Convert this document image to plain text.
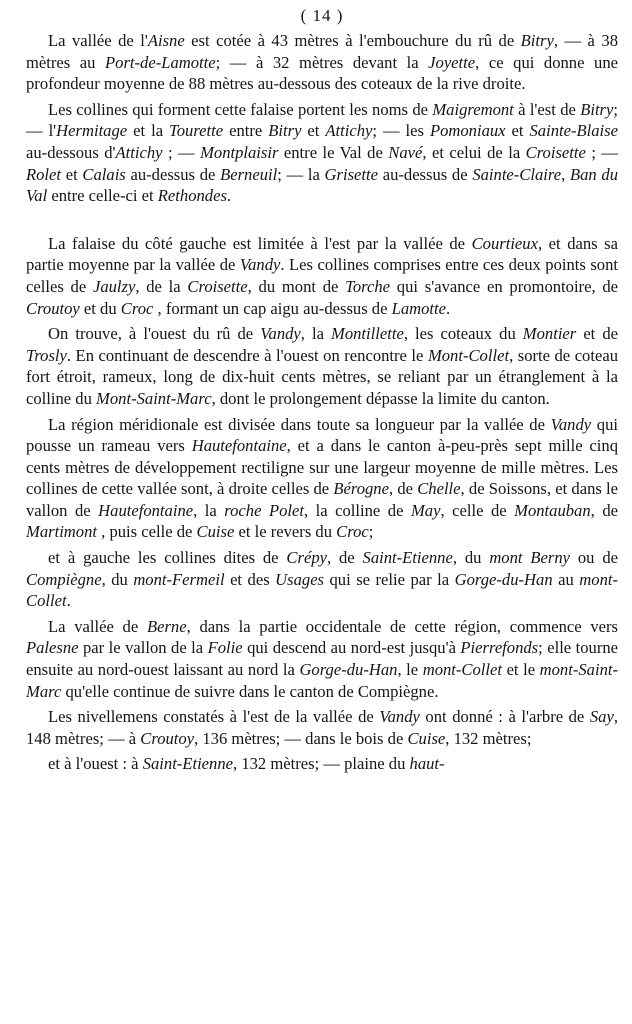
( 14 )

La vallée de l'Aisne est cotée à 43 mètres à l'embouchure du rû de Bitry, — à 38 mètres au Port-de-Lamotte; — à 32 mètres devant la Joyette, ce qui donne une profondeur moyenne de 88 mètres au-dessous des coteaux de la rive droite.

Les collines qui forment cette falaise portent les noms de Maigremont à l'est de Bitry; — l'Hermitage et la Tourette entre Bitry et Attichy; — les Pomoniaux et Sainte-Blaise au-dessous d'Attichy ; — Montplaisir entre le Val de Navé, et celui de la Croisette ; — Rolet et Calais au-dessus de Berneuil; — la Grisette au-dessus de Sainte-Claire, Ban du Val entre celle-ci et Rethondes.

La falaise du côté gauche est limitée à l'est par la vallée de Courtieux, et dans sa partie moyenne par la vallée de Vandy. Les collines comprises entre ces deux points sont celles de Jaulzy, de la Croisette, du mont de Torche qui s'avance en promontoire, de Croutoy et du Croc , formant un cap aigu au-dessus de Lamotte.

On trouve, à l'ouest du rû de Vandy, la Montillette, les coteaux du Montier et de Trosly. En continuant de descendre à l'ouest on rencontre le Mont-Collet, sorte de coteau fort étroit, rameux, long de dix-huit cents mètres, se reliant par un étranglement à la colline du Mont-Saint-Marc, dont le prolongement dépasse la limite du canton.

La région méridionale est divisée dans toute sa longueur par la vallée de Vandy qui pousse un rameau vers Hautefontaine, et a dans le canton à-peu-près sept mille cinq cents mètres de développement rectiligne sur une largeur moyenne de mille mètres. Les collines de cette vallée sont, à droite celles de Bérogne, de Chelle, de Soissons, et dans le vallon de Hautefontaine, la roche Polet, la colline de May, celle de Montauban, de Martimont , puis celle de Cuise et le revers du Croc;

et à gauche les collines dites de Crépy, de Saint-Etienne, du mont Berny ou de Compiègne, du mont-Fermeil et des Usages qui se relie par la Gorge-du-Han au mont-Collet.

La vallée de Berne, dans la partie occidentale de cette région, commence vers Palesne par le vallon de la Folie qui descend au nord-est jusqu'à Pierrefonds; elle tourne ensuite au nord-ouest laissant au nord la Gorge-du-Han, le mont-Collet et le mont-Saint-Marc qu'elle continue de suivre dans le canton de Compiègne.

Les nivellemens constatés à l'est de la vallée de Vandy ont donné : à l'arbre de Say, 148 mètres; — à Croutoy, 136 mètres; — dans le bois de Cuise, 132 mètres;

et à l'ouest : à Saint-Etienne, 132 mètres; — plaine du haut-
